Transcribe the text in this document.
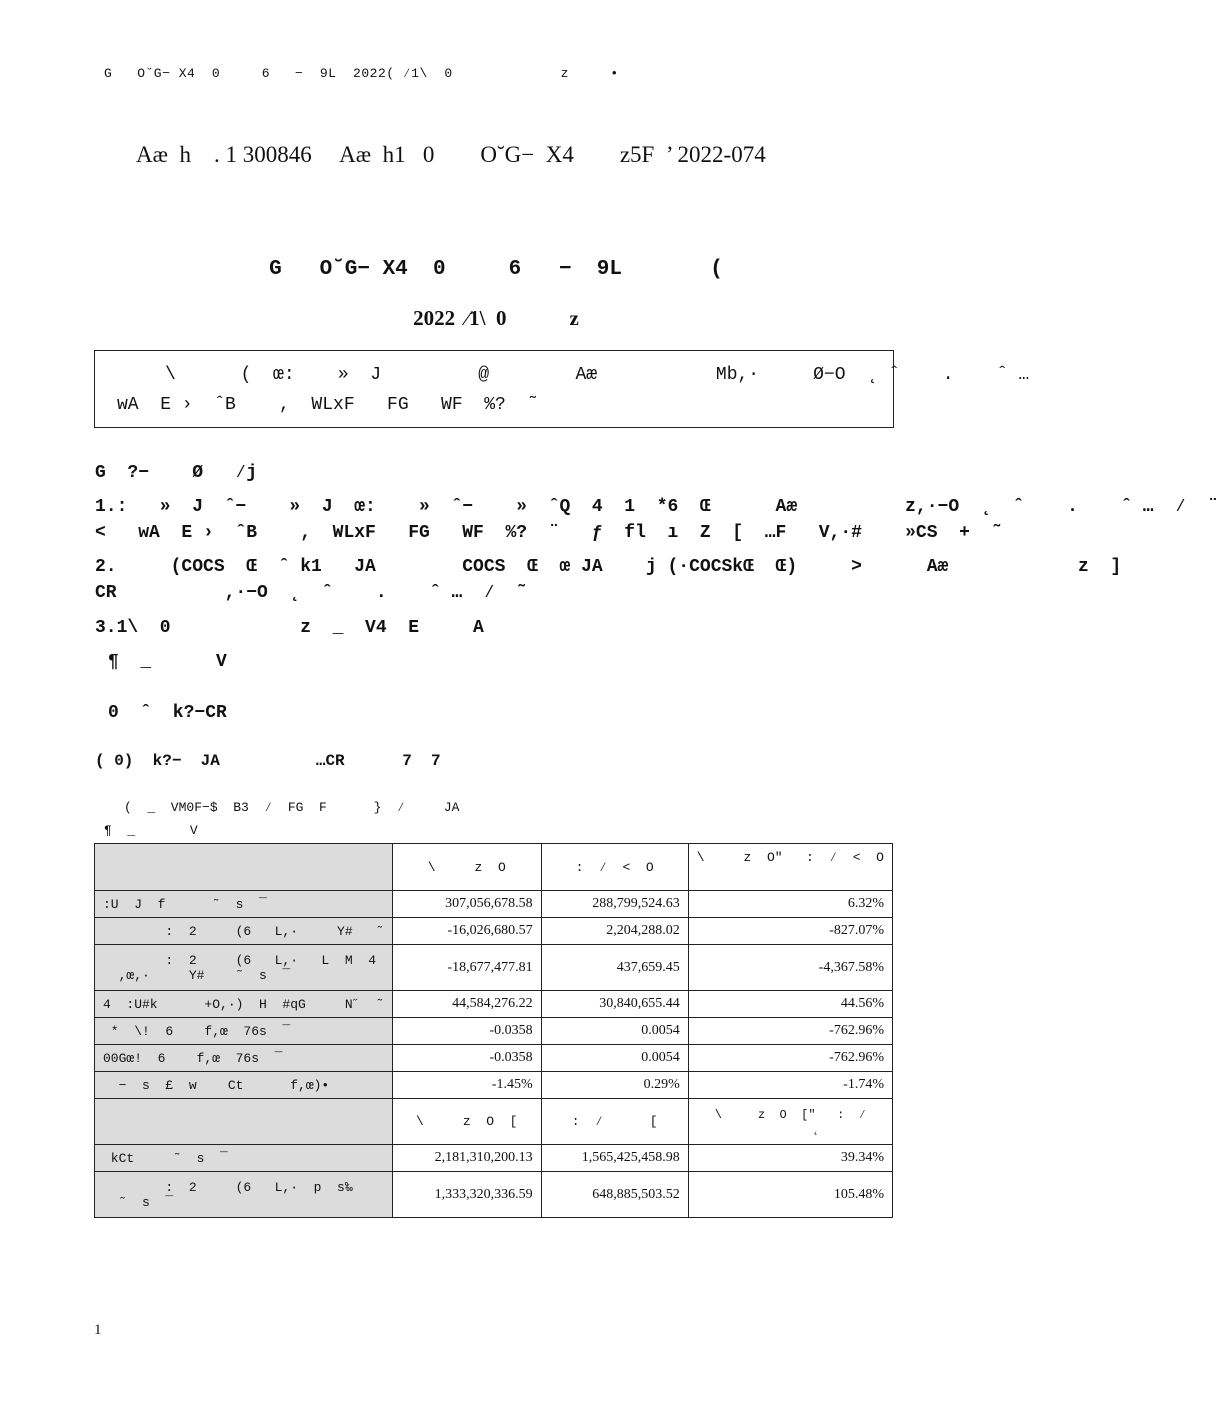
G   O˘G− X4  0     6   −  9L  2022( ⁄1\  0             z     •
Aæ  h    . 1 300846     Aæ  h1   0        O˘G−  X4        z5F  ’ 2022-074
G   O˘G− X4  0     6   −  9L       (
2022  ⁄1\  0            z
\      (  œ:    »  J         @        Aæ           Mb,·     Ø−O  ˛ ˆ    .    ˆ …
wA  E ›  ˆB    ,  WLxF   FG   WF  %?  ˜
G  ?−    Ø   ⁄j
1.:   »  J  ˆ−    »  J  œ:    »  ˆ−    »  ˆQ  4  1  *6  Œ      Aæ          z,·−O  ˛  ˆ    .    ˆ …  ⁄  ¨
<   wA  E ›  ˆB    ,  WLxF   FG   WF  %?  ¨   ƒ  fl  ı  Z  [  …F   V,·#    »CS  +  ˜
2.     (COCS  Œ  ˆ k1   JA        COCS  Œ  œ JA    j (·COCSkŒ  Œ)     >      Aæ            z  ]
CR          ,·−O  ˛  ˆ    .    ˆ …  ⁄  ˜
3.1\  0            z  _  V4  E     A
¶  _      V
0  ˆ  k?−CR
( 0)  k?−  JA          …CR      7  7
(  _  VM0F−$  B3  ⁄  FG  F      }  ⁄     JA
¶  _       V
	\     z  O	:  ⁄  <  O	\     z  O"   :  ⁄  <  O
:U  J  f      ˜  s  ¯	307,056,678.58	288,799,524.63	6.32%
:  2     (6   L,·     Y#   ˜	-16,026,680.57	2,204,288.02	-827.07%
:  2     (6   L,·   L  M  4
,œ,·     Y#    ˜  s  ¯	-18,677,477.81	437,659.45	-4,367.58%
4  :U#k      +O,·)  H  #qG     N˝  ˜	44,584,276.22	30,840,655.44	44.56%
*  \!  6    f,œ  76s  ¯	-0.0358	0.0054	-762.96%
00Gœ!  6    f,œ  76s  ¯	-0.0358	0.0054	-762.96%
−  s  £  w    Ct      f,œ)•	-1.45%	0.29%	-1.74%
	\     z  O  [	:  ⁄      [	\     z  O  ["   :  ⁄
˛
kCt     ˜  s  ¯	2,181,310,200.13	1,565,425,458.98	39.34%
:  2     (6   L,·  p  s‰
˜  s  ¯	1,333,320,336.59	648,885,503.52	105.48%
1
